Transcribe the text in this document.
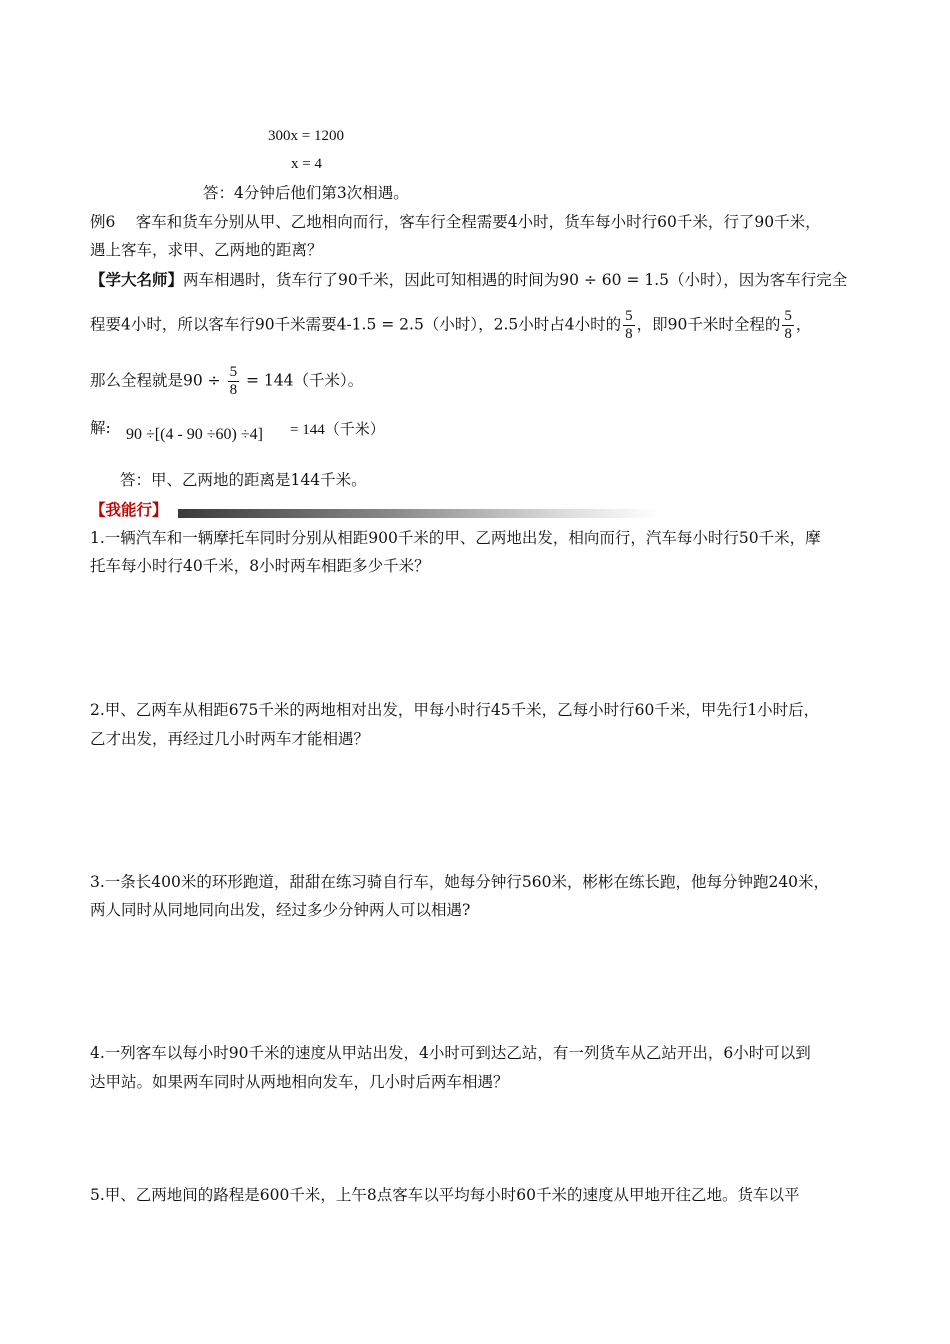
300x = 1200
x = 4
答：4分钟后他们第3次相遇。
例6　 客车和货车分别从甲、乙地相向而行，客车行全程需要4小时，货车每小时行60千米，行了90千米，
遇上客车，求甲、乙两地的距离？
【学大名师】两车相遇时，货车行了90千米，因此可知相遇的时间为90 ÷ 60 = 1.5（小时），因为客车行完全
程要4小时，所以客车行90千米需要4-1.5 = 2.5（小时），2.5小时占4小时的 $\frac{5}{8}$ ，即90千米时全程的 $\frac{5}{8}$ ，
那么全程就是$90 \div \frac{5}{8} = 144$（千米）。
解: 90 ÷[(4 - 90 ÷60) ÷4] = 144（千米）
答：甲、乙两地的距离是144千米。
【我能行】
1.一辆汽车和一辆摩托车同时分别从相距900千米的甲、乙两地出发，相向而行，汽车每小时行50千米，摩
托车每小时行40千米，8小时两车相距多少千米？
2.甲、乙两车从相距675千米的两地相对出发，甲每小时行45千米，乙每小时行60千米，甲先行1小时后，
乙才出发，再经过几小时两车才能相遇？
3.一条长400米的环形跑道，甜甜在练习骑自行车，她每分钟行560米，彬彬在练长跑，他每分钟跑240米，
两人同时从同地同向出发，经过多少分钟两人可以相遇?
4.一列客车以每小时90千米的速度从甲站出发，4小时可到达乙站，有一列货车从乙站开出，6小时可以到
达甲站。如果两车同时从两地相向发车，几小时后两车相遇？
5.甲、乙两地间的路程是600千米，上午8点客车以平均每小时60千米的速度从甲地开往乙地。货车以平
